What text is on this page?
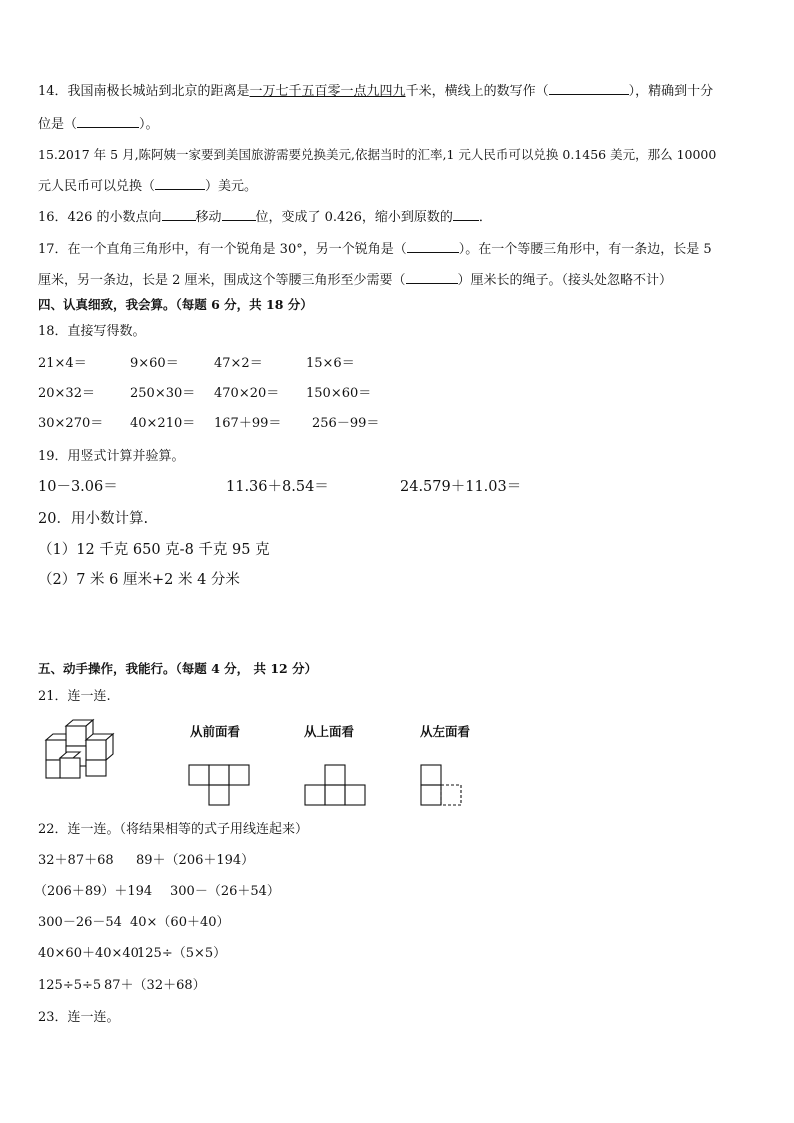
14．我国南极长城站到北京的距离是一万七千五百零一点九四九千米，横线上的数写作（	），精确到十分
位是（	）。
15.2017 年 5 月,陈阿姨一家要到美国旅游需要兑换美元,依据当时的汇率,1 元人民币可以兑换 0.1456 美元，那么 10000
元人民币可以兑换（	）美元。
16．426 的小数点向	移动	位，变成了 0.426，缩小到原数的 ．
17．在一个直角三角形中，有一个锐角是 30°，另一个锐角是（	）。在一个等腰三角形中，有一条边，长是 5
厘米，另一条边，长是 2 厘米，围成这个等腰三角形至少需要（	）厘米长的绳子。（接头处忽略不计）
四、认真细致，我会算。（每题 6 分，共 18 分）
18．直接写得数。
21×4＝	9×60＝	47×2＝	15×6＝
20×32＝	250×30＝ 470×20＝ 150×60＝
30×270＝ 40×210＝ 167＋99＝ 256－99＝
19．用竖式计算并验算。
10－3.06＝	11.36＋8.54＝	24.579＋11.03＝
20．用小数计算.
（1）12 千克 650 克-8 千克 95 克
（2）7 米 6 厘米+2 米 4 分米
五、动手操作，我能行。（每题 4 分， 共 12 分）
21．连一连.
从前面看	从上面看	从左面看
22．连一连。（将结果相等的式子用线连起来）
32＋87＋68 89＋（206＋194）
（206＋89）＋194 300－（26＋54）
300－26－54 40×（60＋40）
40×60＋40×40
125÷（5×5）
125÷5÷5 87＋（32＋68）
23．连一连。
